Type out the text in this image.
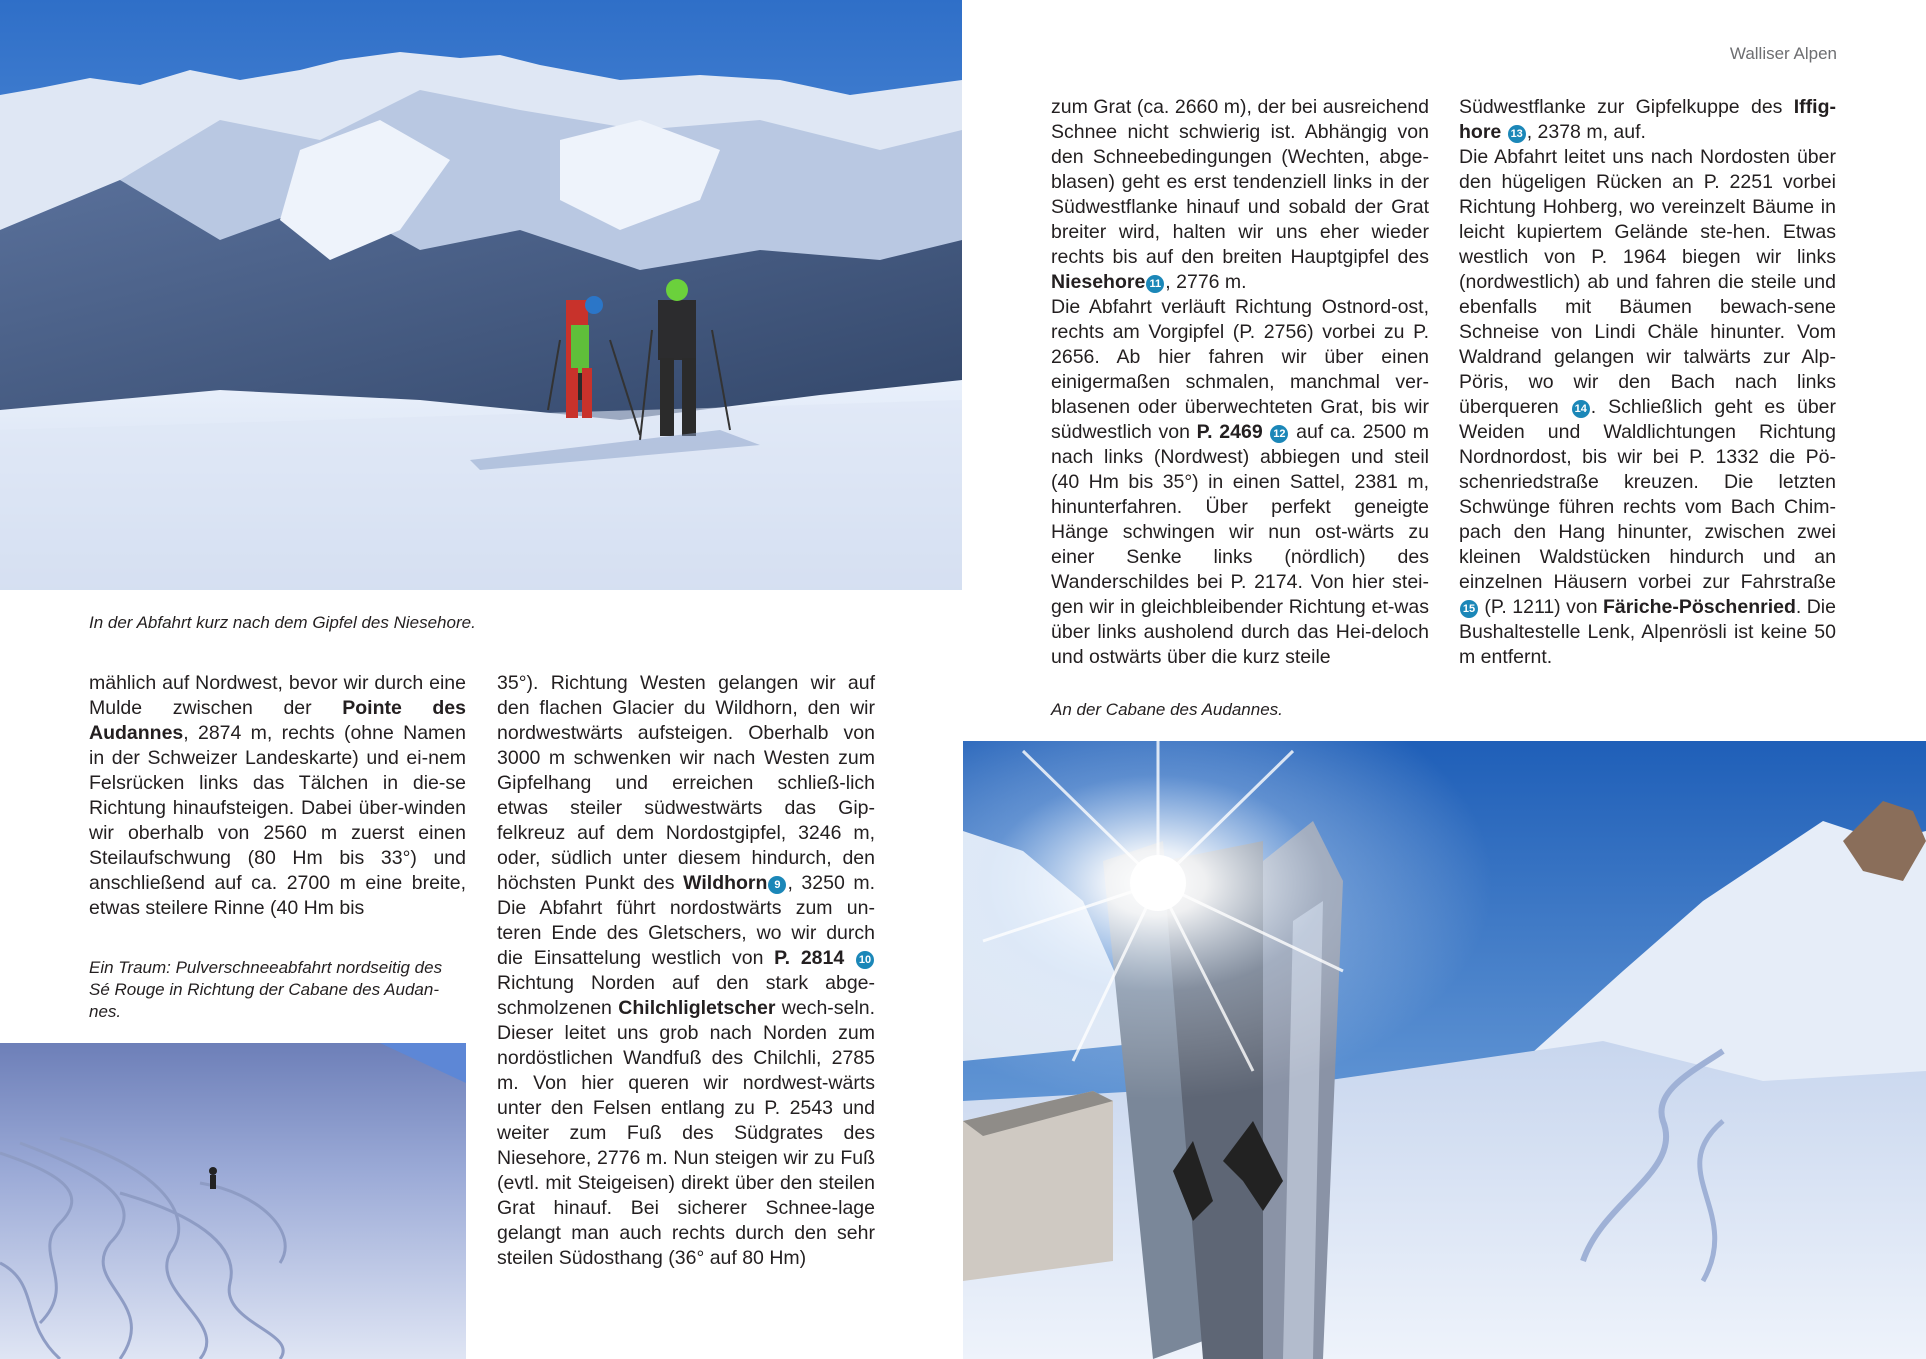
Walliser Alpen
In der Abfahrt kurz nach dem Gipfel des Niesehore.

mählich auf Nordwest, bevor wir durch eine Mulde zwischen der Pointe des Audannes, 2874 m, rechts (ohne Namen in der Schweizer Landeskarte) und ei-nem Felsrücken links das Tälchen in die-se Richtung hinaufsteigen. Dabei über-winden wir oberhalb von 2560 m zuerst einen Steilaufschwung (80 Hm bis 33°) und anschließend auf ca. 2700 m eine breite, etwas steilere Rinne (40 Hm bis

Ein Traum: Pulverschneeabfahrt nordseitig des Sé Rouge in Richtung der Cabane des Audan-nes.

35°). Richtung Westen gelangen wir auf den flachen Glacier du Wildhorn, den wir nordwestwärts aufsteigen. Oberhalb von 3000 m schwenken wir nach Westen zum Gipfelhang und erreichen schließ-lich etwas steiler südwestwärts das Gip-felkreuz auf dem Nordostgipfel, 3246 m, oder, südlich unter diesem hindurch, den höchsten Punkt des Wildhorn 9 , 3250 m. Die Abfahrt führt nordostwärts zum un-teren Ende des Gletschers, wo wir durch die Einsattelung westlich von P. 2814 10 Richtung Norden auf den stark abge-schmolzenen Chilchligletscher wech-seln. Dieser leitet uns grob nach Norden zum nordöstlichen Wandfuß des Chilchli, 2785 m. Von hier queren wir nordwest-wärts unter den Felsen entlang zu P. 2543 und weiter zum Fuß des Südgrates des Niesehore, 2776 m. Nun steigen wir zu Fuß (evtl. mit Steigeisen) direkt über den steilen Grat hinauf. Bei sicherer Schnee-lage gelangt man auch rechts durch den sehr steilen Südosthang (36° auf 80 Hm)

zum Grat (ca. 2660 m), der bei ausreichend Schnee nicht schwierig ist. Abhängig von den Schneebedingungen (Wechten, abge-blasen) geht es erst tendenziell links in der Südwestflanke hinauf und sobald der Grat breiter wird, halten wir uns eher wieder rechts bis auf den breiten Hauptgipfel des Niesehore 11 , 2776 m.

Die Abfahrt verläuft Richtung Ostnord-ost, rechts am Vorgipfel (P. 2756) vorbei zu P. 2656. Ab hier fahren wir über einen einigermaßen schmalen, manchmal ver-blasenen oder überwechteten Grat, bis wir südwestlich von P. 2469 12 auf ca. 2500 m nach links (Nordwest) abbiegen und steil (40 Hm bis 35°) in einen Sattel, 2381 m, hinunterfahren. Über perfekt geneigte Hänge schwingen wir nun ost-wärts zu einer Senke links (nördlich) des Wanderschildes bei P. 2174. Von hier stei-gen wir in gleichbleibender Richtung et-was über links ausholend durch das Hei-deloch und ostwärts über die kurz steile

Südwestflanke zur Gipfelkuppe des Iffig-hore 13 , 2378 m, auf.

Die Abfahrt leitet uns nach Nordosten über den hügeligen Rücken an P. 2251 vorbei Richtung Hohberg, wo vereinzelt Bäume in leicht kupiertem Gelände ste-hen. Etwas westlich von P. 1964 biegen wir links (nordwestlich) ab und fahren die steile und ebenfalls mit Bäumen bewach-sene Schneise von Lindi Chäle hinunter. Vom Waldrand gelangen wir talwärts zur Alp-Pöris, wo wir den Bach nach links überqueren 14 . Schließlich geht es über Weiden und Waldlichtungen Richtung Nordnordost, bis wir bei P. 1332 die Pö-schenriedstraße kreuzen. Die letzten Schwünge führen rechts vom Bach Chim-pach den Hang hinunter, zwischen zwei kleinen Waldstücken hindurch und an einzelnen Häusern vorbei zur Fahrstraße 15 (P. 1211) von Färiche-Pöschenried. Die Bushaltestelle Lenk, Alpenrösli ist keine 50 m entfernt.

An der Cabane des Audannes.
